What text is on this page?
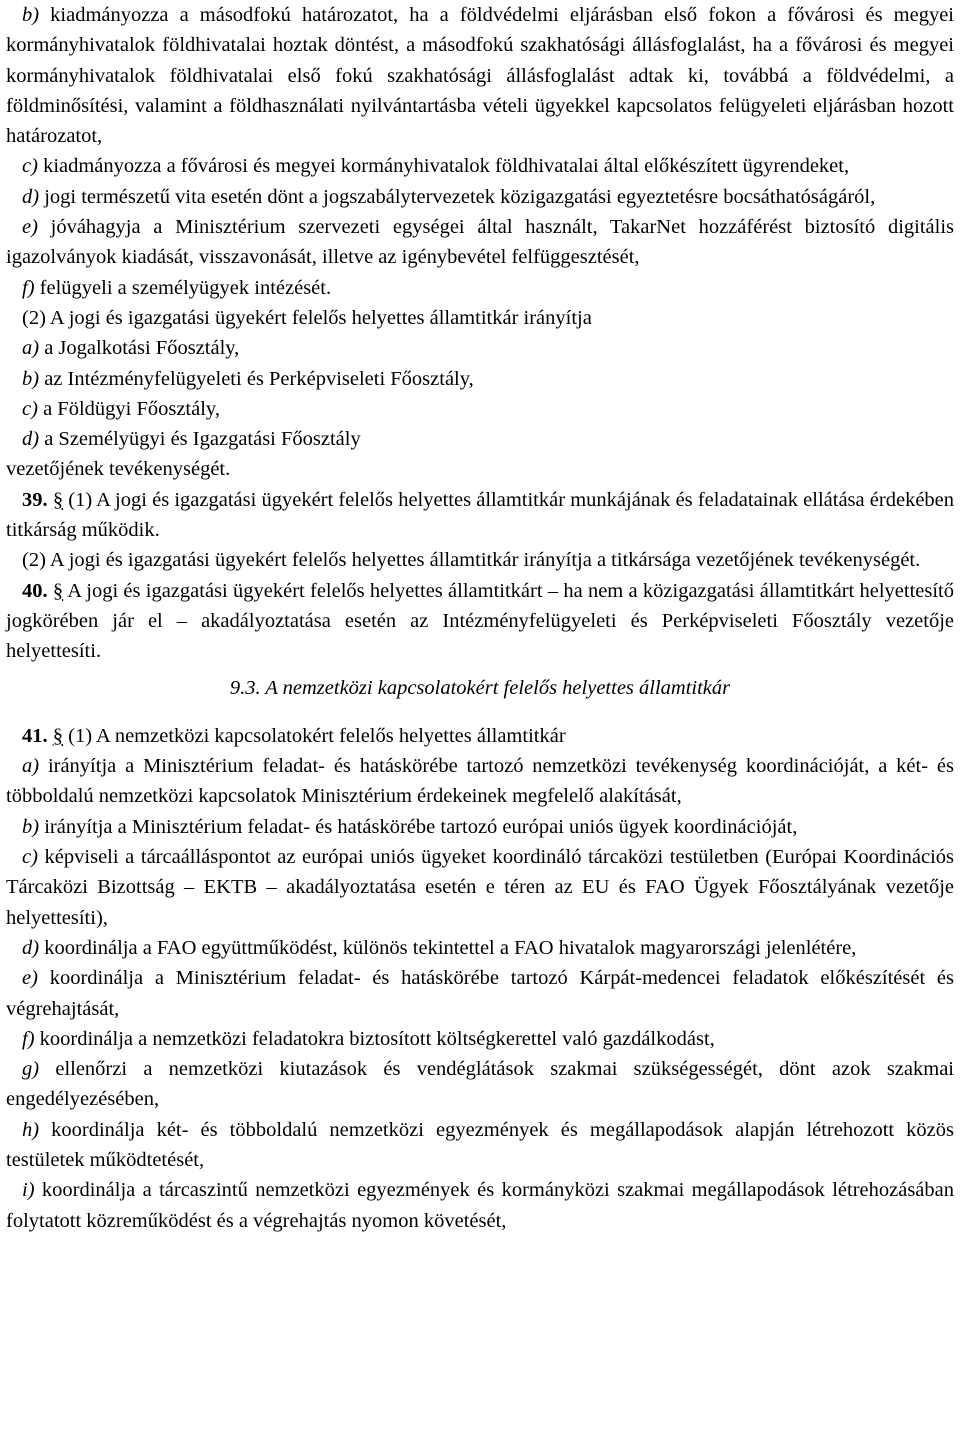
b) kiadmányozza a másodfokú határozatot, ha a földvédelmi eljárásban első fokon a fővárosi és megyei kormányhivatalok földhivatalai hoztak döntést, a másodfokú szakhatósági állásfoglalást, ha a fővárosi és megyei kormányhivatalok földhivatalai első fokú szakhatósági állásfoglalást adtak ki, továbbá a földvédelmi, a földminősítési, valamint a földhasználati nyilvántartásba vételi ügyekkel kapcsolatos felügyeleti eljárásban hozott határozatot,

c) kiadmányozza a fővárosi és megyei kormányhivatalok földhivatalai által előkészített ügyrendeket,

d) jogi természetű vita esetén dönt a jogszabálytervezetek közigazgatási egyeztetésre bocsáthatóságáról,

e) jóváhagyja a Minisztérium szervezeti egységei által használt, TakarNet hozzáférést biztosító digitális igazolványok kiadását, visszavonását, illetve az igénybevétel felfüggesztését,

f) felügyeli a személyügyek intézését.

(2) A jogi és igazgatási ügyekért felelős helyettes államtitkár irányítja

a) a Jogalkotási Főosztály,

b) az Intézményfelügyeleti és Perképviseleti Főosztály,

c) a Földügyi Főosztály,

d) a Személyügyi és Igazgatási Főosztály

vezetőjének tevékenységét.

39. § (1) A jogi és igazgatási ügyekért felelős helyettes államtitkár munkájának és feladatainak ellátása érdekében titkárság működik.

(2) A jogi és igazgatási ügyekért felelős helyettes államtitkár irányítja a titkársága vezetőjének tevékenységét.

40. § A jogi és igazgatási ügyekért felelős helyettes államtitkárt – ha nem a közigazgatási államtitkárt helyettesítő jogkörében jár el – akadályoztatása esetén az Intézményfelügyeleti és Perképviseleti Főosztály vezetője helyettesíti.

9.3. A nemzetközi kapcsolatokért felelős helyettes államtitkár

41. § (1) A nemzetközi kapcsolatokért felelős helyettes államtitkár

a) irányítja a Minisztérium feladat- és hatáskörébe tartozó nemzetközi tevékenység koordinációját, a két- és többoldalú nemzetközi kapcsolatok Minisztérium érdekeinek megfelelő alakítását,

b) irányítja a Minisztérium feladat- és hatáskörébe tartozó európai uniós ügyek koordinációját,

c) képviseli a tárcaálláspontot az európai uniós ügyeket koordináló tárcaközi testületben (Európai Koordinációs Tárcaközi Bizottság – EKTB – akadályoztatása esetén e téren az EU és FAO Ügyek Főosztályának vezetője helyettesíti),

d) koordinálja a FAO együttműködést, különös tekintettel a FAO hivatalok magyarországi jelenlétére,

e) koordinálja a Minisztérium feladat- és hatáskörébe tartozó Kárpát-medencei feladatok előkészítését és végrehajtását,

f) koordinálja a nemzetközi feladatokra biztosított költségkerettel való gazdálkodást,

g) ellenőrzi a nemzetközi kiutazások és vendéglátások szakmai szükségességét, dönt azok szakmai engedélyezésében,

h) koordinálja két- és többoldalú nemzetközi egyezmények és megállapodások alapján létrehozott közös testületek működtetését,

i) koordinálja a tárcaszintű nemzetközi egyezmények és kormányközi szakmai megállapodások létrehozásában folytatott közreműködést és a végrehajtás nyomon követését,
